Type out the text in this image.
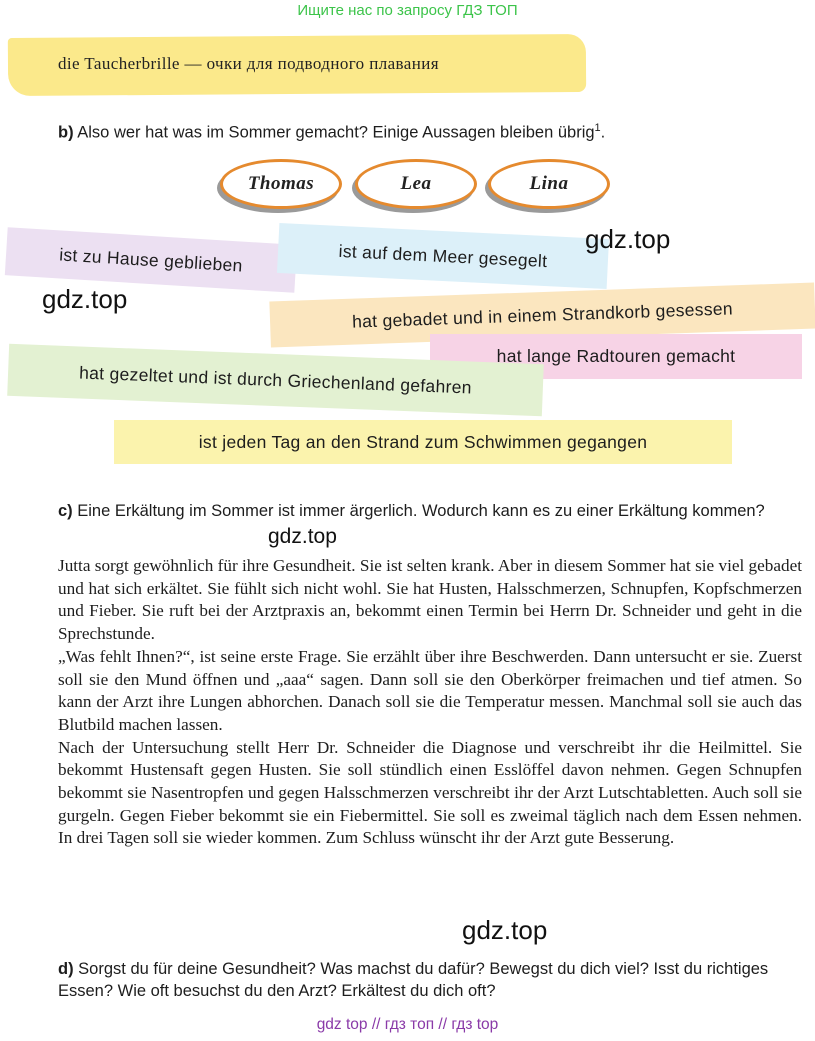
Ищите нас по запросу ГДЗ ТОП
die Taucherbrille — очки для подводного плавания
b) Also wer hat was im Sommer gemacht? Einige Aussagen bleiben übrig$^1$.
Thomas	Lea	Lina
ist zu Hause geblieben	ist auf dem Meer gesegelt
hat gebadet und in einem Strandkorb gesessen
hat lange Radtouren gemacht
hat gezeltet und ist durch Griechenland gefahren
ist jeden Tag an den Strand zum Schwimmen gegangen
gdz.top
gdz.top
gdz.top
gdz.top
c) Eine Erkältung im Sommer ist immer ärgerlich. Wodurch kann es zu einer Erkältung kommen?

Jutta sorgt gewöhnlich für ihre Gesundheit. Sie ist selten krank. Aber in diesem Sommer hat sie viel gebadet und hat sich erkältet. Sie fühlt sich nicht wohl. Sie hat Husten, Halsschmerzen, Schnupfen, Kopfschmerzen und Fieber. Sie ruft bei der Arztpraxis an, bekommt einen Termin bei Herrn Dr. Schneider und geht in die Sprechstunde.

„Was fehlt Ihnen?“, ist seine erste Frage. Sie erzählt über ihre Beschwerden. Dann untersucht er sie. Zuerst soll sie den Mund öffnen und „aaa“ sagen. Dann soll sie den Oberkörper freimachen und tief atmen. So kann der Arzt ihre Lungen abhorchen. Danach soll sie die Temperatur messen. Manchmal soll sie auch das Blutbild machen lassen.

Nach der Untersuchung stellt Herr Dr. Schneider die Diagnose und verschreibt ihr die Heilmittel. Sie bekommt Hustensaft gegen Husten. Sie soll stündlich einen Esslöffel davon nehmen. Gegen Schnupfen bekommt sie Nasentropfen und gegen Halsschmerzen verschreibt ihr der Arzt Lutschtabletten. Auch soll sie gurgeln. Gegen Fieber bekommt sie ein Fiebermittel. Sie soll es zweimal täglich nach dem Essen nehmen. In drei Tagen soll sie wieder kommen. Zum Schluss wünscht ihr der Arzt gute Besserung.

d) Sorgst du für deine Gesundheit? Was machst du dafür? Bewegst du dich viel? Isst du richtiges Essen? Wie oft besuchst du den Arzt? Erkältest du dich oft?
gdz top // гдз топ // гдз top
